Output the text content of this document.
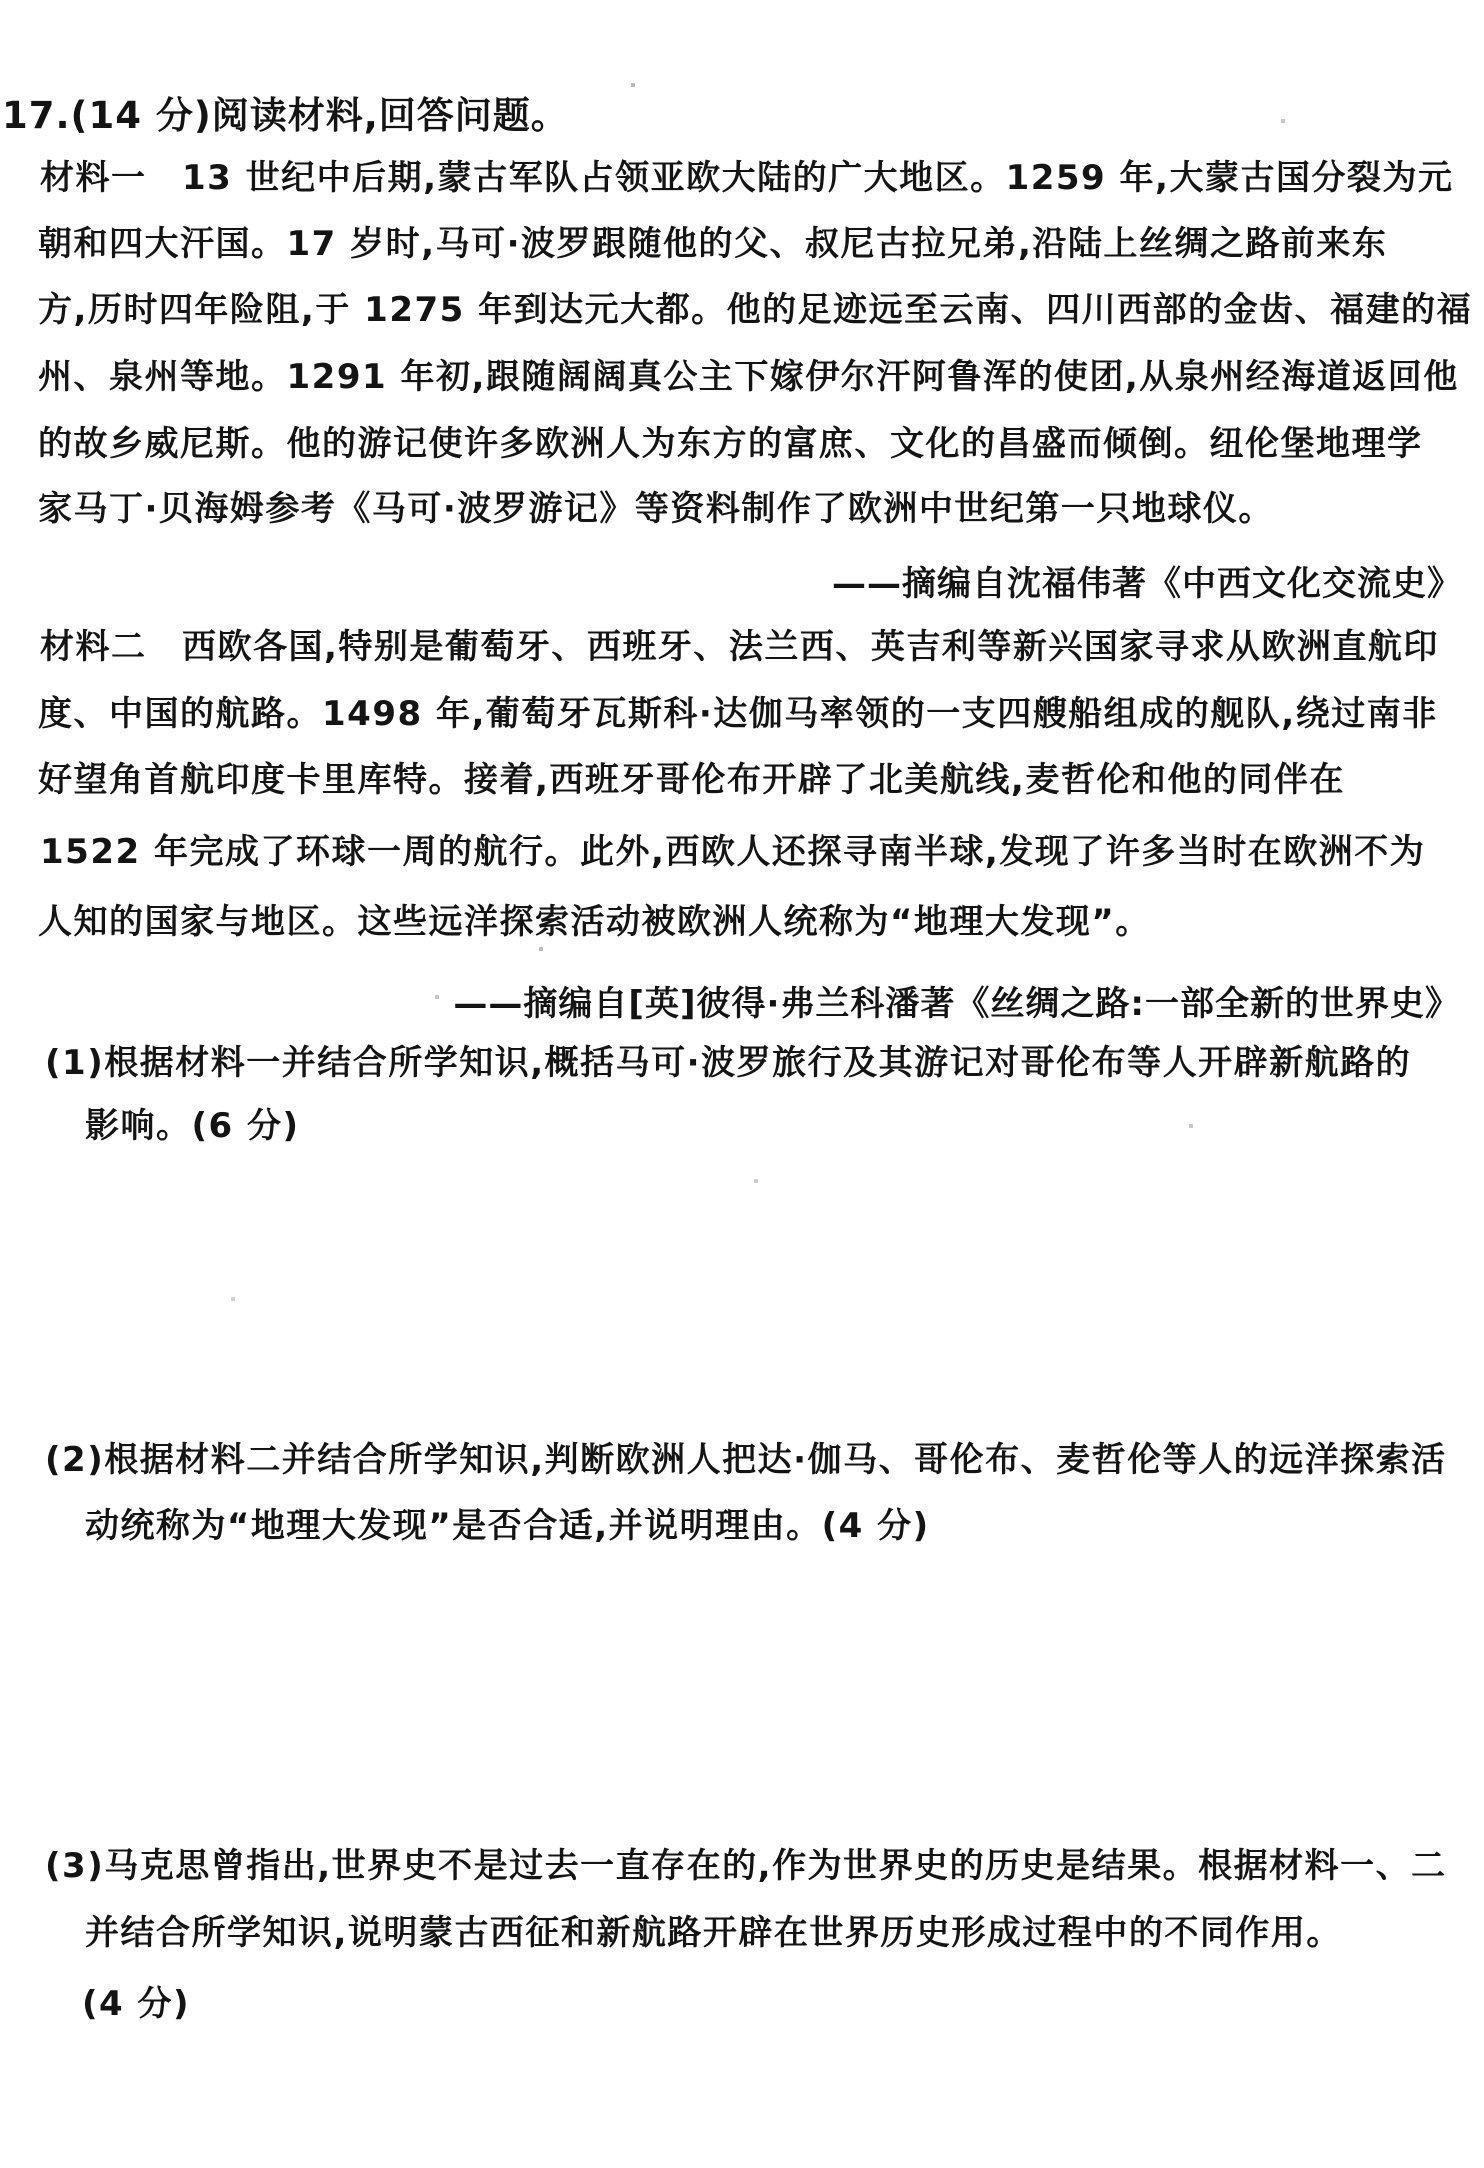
17.(14 分)阅读材料,回答问题。
材料一　13 世纪中后期,蒙古军队占领亚欧大陆的广大地区。1259 年,大蒙古国分裂为元
朝和四大汗国。17 岁时,马可·波罗跟随他的父、叔尼古拉兄弟,沿陆上丝绸之路前来东
方,历时四年险阻,于 1275 年到达元大都。他的足迹远至云南、四川西部的金齿、福建的福
州、泉州等地。1291 年初,跟随阔阔真公主下嫁伊尔汗阿鲁浑的使团,从泉州经海道返回他
的故乡威尼斯。他的游记使许多欧洲人为东方的富庶、文化的昌盛而倾倒。纽伦堡地理学
家马丁·贝海姆参考《马可·波罗游记》等资料制作了欧洲中世纪第一只地球仪。
——摘编自沈福伟著《中西文化交流史》
材料二　西欧各国,特别是葡萄牙、西班牙、法兰西、英吉利等新兴国家寻求从欧洲直航印
度、中国的航路。1498 年,葡萄牙瓦斯科·达伽马率领的一支四艘船组成的舰队,绕过南非
好望角首航印度卡里库特。接着,西班牙哥伦布开辟了北美航线,麦哲伦和他的同伴在
1522 年完成了环球一周的航行。此外,西欧人还探寻南半球,发现了许多当时在欧洲不为
人知的国家与地区。这些远洋探索活动被欧洲人统称为“地理大发现”。
——摘编自[英]彼得·弗兰科潘著《丝绸之路:一部全新的世界史》
(1)根据材料一并结合所学知识,概括马可·波罗旅行及其游记对哥伦布等人开辟新航路的
影响。(6 分)
(2)根据材料二并结合所学知识,判断欧洲人把达·伽马、哥伦布、麦哲伦等人的远洋探索活
动统称为“地理大发现”是否合适,并说明理由。(4 分)
(3)马克思曾指出,世界史不是过去一直存在的,作为世界史的历史是结果。根据材料一、二
并结合所学知识,说明蒙古西征和新航路开辟在世界历史形成过程中的不同作用。
(4 分)
